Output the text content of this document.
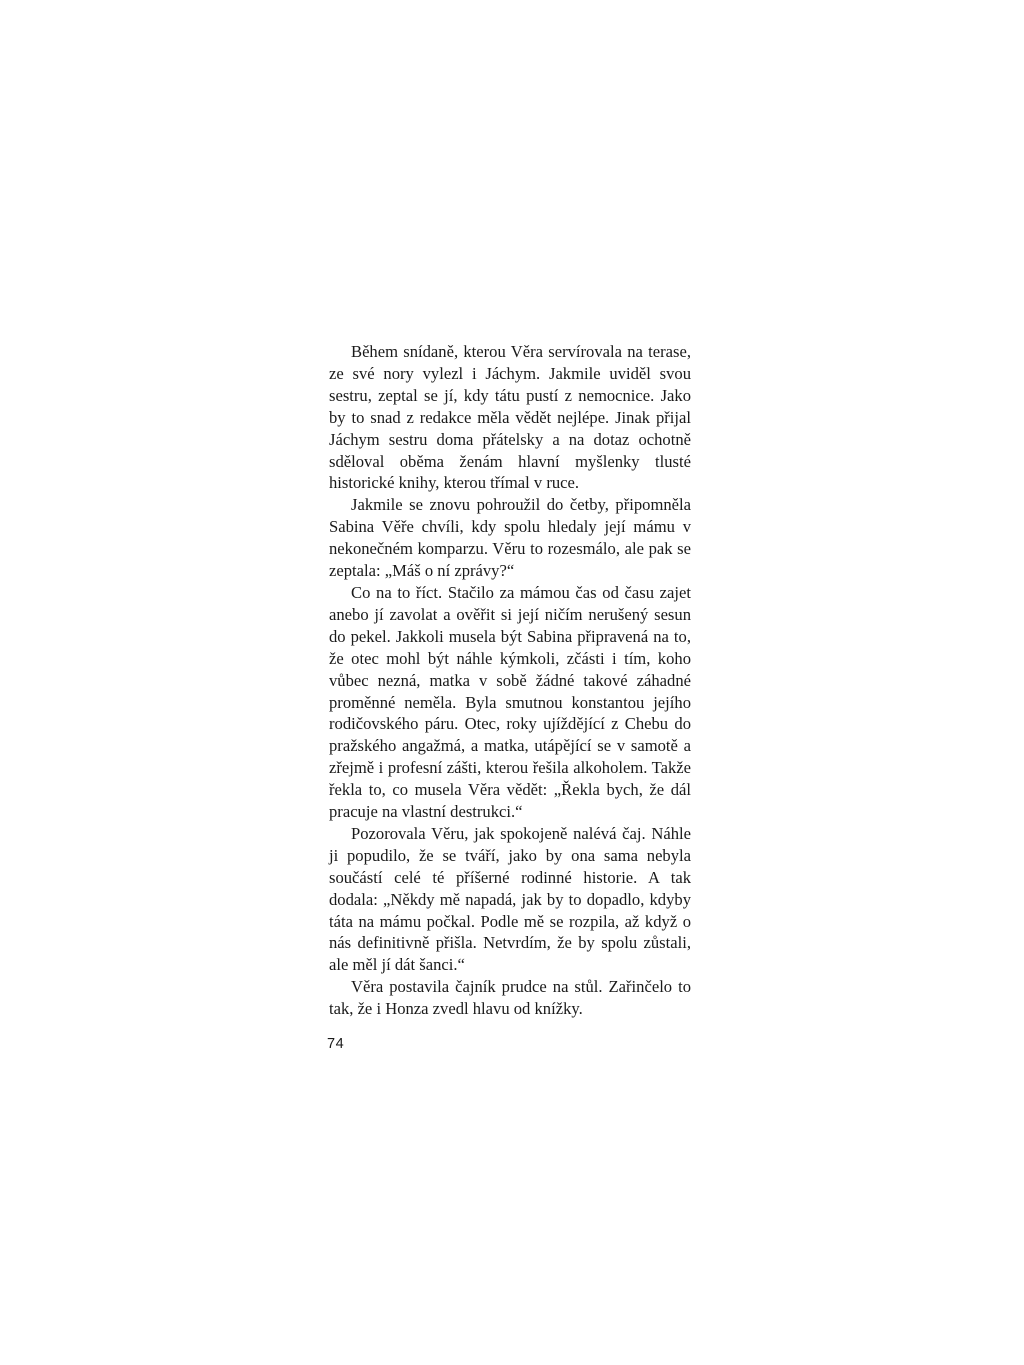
Během snídaně, kterou Věra servírovala na terase, ze své nory vylezl i Jáchym. Jakmile uviděl svou sestru, zeptal se jí, kdy tátu pustí z nemocnice. Jako by to snad z redakce měla vědět nejlépe. Jinak přijal Jáchym sestru doma přátelsky a na dotaz ochotně sděloval oběma ženám hlavní myšlenky tlusté historické knihy, kterou třímal v ruce.

Jakmile se znovu pohroužil do četby, připomněla Sabina Věře chvíli, kdy spolu hledaly její mámu v nekonečném komparzu. Věru to rozesmálo, ale pak se zeptala: „Máš o ní zprávy?“

Co na to říct. Stačilo za mámou čas od času zajet anebo jí zavolat a ověřit si její ničím nerušený sesun do pekel. Jakkoli musela být Sabina připravená na to, že otec mohl být náhle kýmkoli, zčásti i tím, koho vůbec nezná, matka v sobě žádné takové záhadné proměnné neměla. Byla smutnou konstantou jejího rodičovského páru. Otec, roky ujíždějící z Chebu do pražského angažmá, a matka, utápějící se v samotě a zřejmě i profesní zášti, kterou řešila alkoholem. Takže řekla to, co musela Věra vědět: „Řekla bych, že dál pracuje na vlastní destrukci.“

Pozorovala Věru, jak spokojeně nalévá čaj. Náhle ji popudilo, že se tváří, jako by ona sama nebyla součástí celé té příšerné rodinné historie. A tak dodala: „Někdy mě napadá, jak by to dopadlo, kdyby táta na mámu počkal. Podle mě se rozpila, až když o nás definitivně přišla. Netvrdím, že by spolu zůstali, ale měl jí dát šanci.“

Věra postavila čajník prudce na stůl. Zařinčelo to tak, že i Honza zvedl hlavu od knížky.

74
